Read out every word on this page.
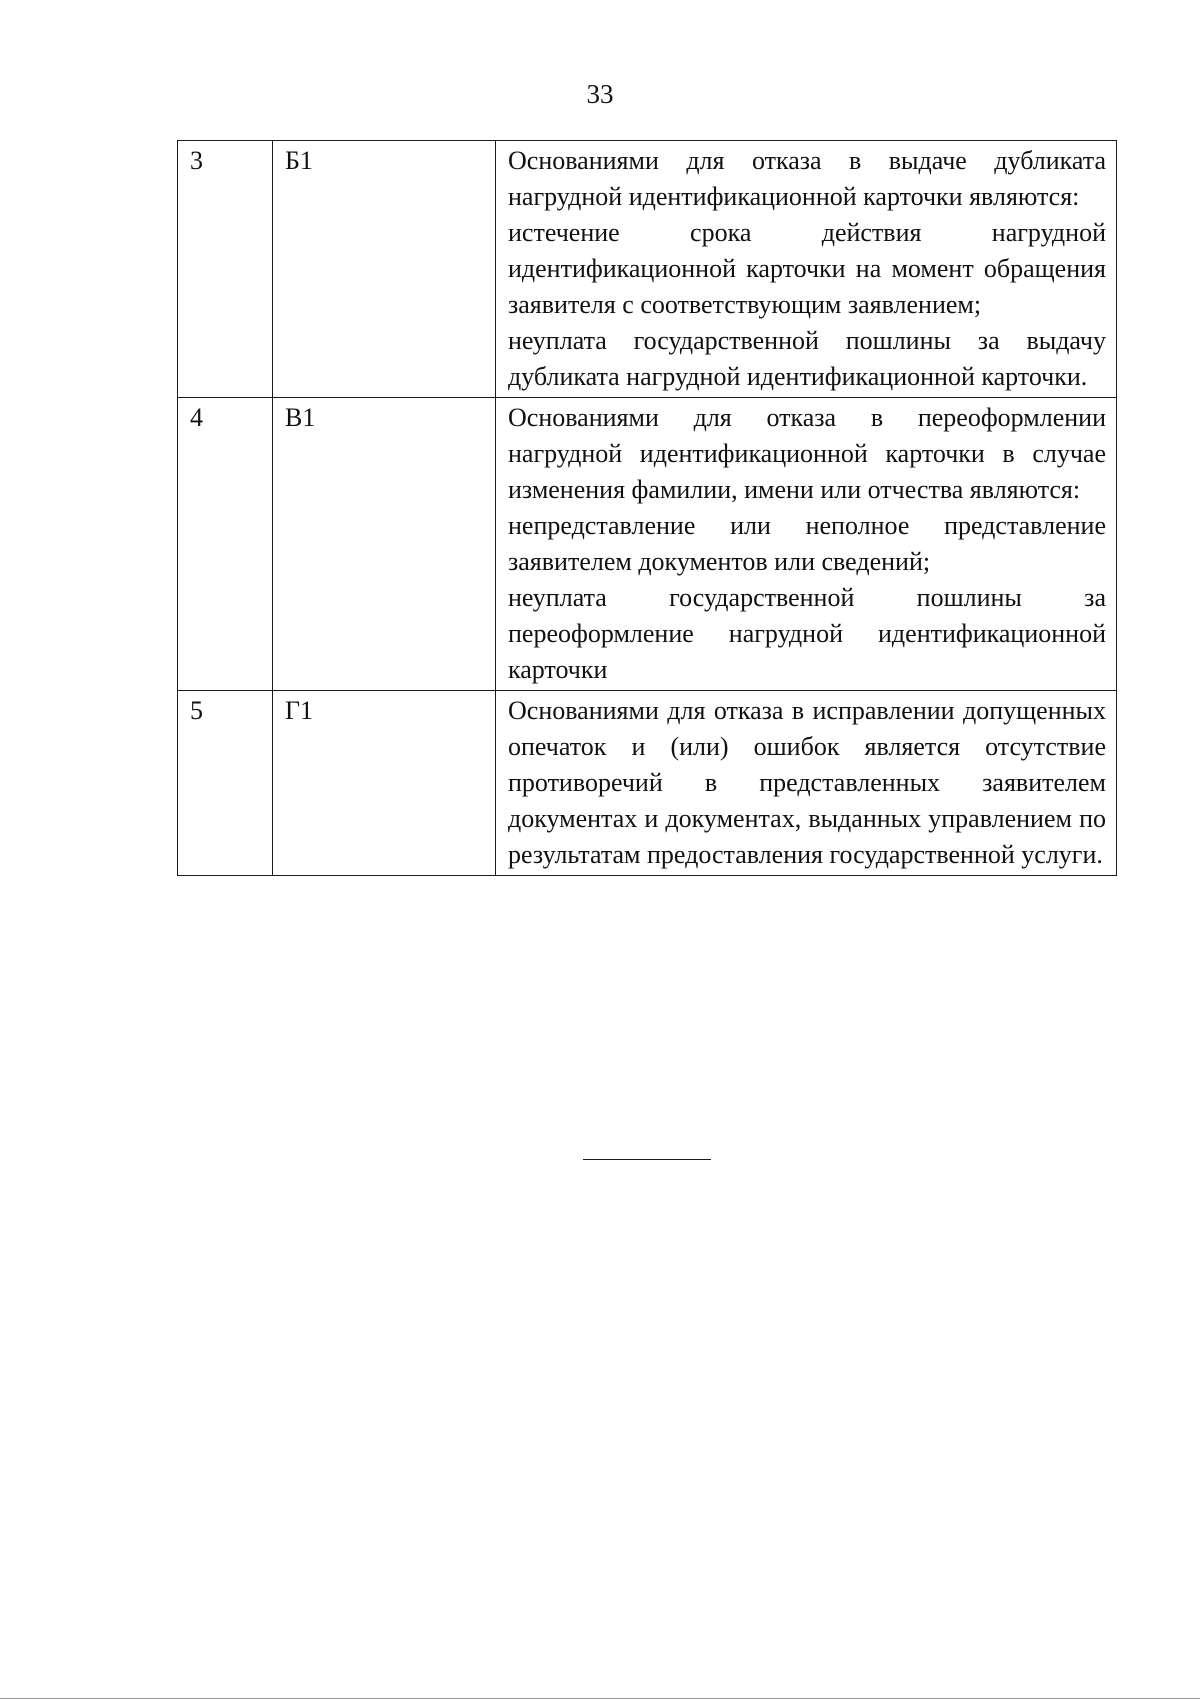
33
3	Б1	Основаниями для отказа в выдаче дубликата нагрудной идентификационной карточки являются:

истечение срока действия нагрудной идентификационной карточки на момент обращения заявителя с соответствующим заявлением;

неуплата государственной пошлины за выдачу дубликата нагрудной идентификационной карточки.

4	В1	Основаниями для отказа в переоформлении нагрудной идентификационной карточки в случае изменения фамилии, имени или отчества являются:

непредставление или неполное представление заявителем документов или сведений;

неуплата государственной пошлины за переоформление нагрудной идентификационной карточки

5	Г1	Основаниями для отказа в исправлении допущенных опечаток и (или) ошибок является отсутствие противоречий в представленных заявителем документах и документах, выданных управлением по результатам предоставления государственной услуги.
